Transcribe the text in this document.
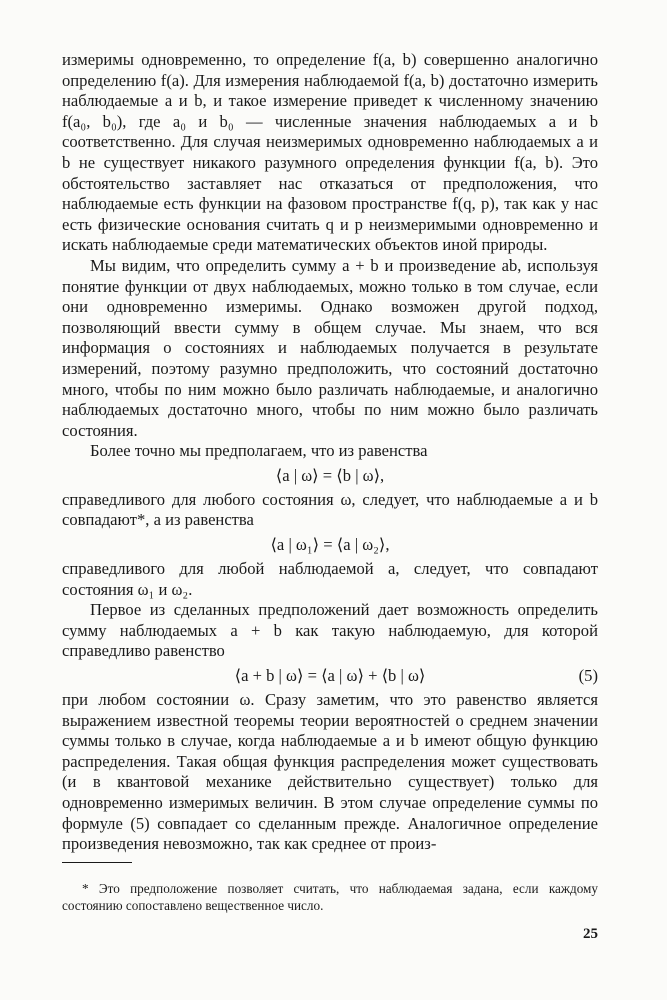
измеримы одновременно, то определение f(a, b) совершенно аналогично определению f(a). Для измерения наблюдаемой f(a, b) достаточно измерить наблюдаемые a и b, и такое измерение приведет к численному значению f(a₀, b₀), где a₀ и b₀ — численные значения наблюдаемых a и b соответственно. Для случая неизмеримых одновременно наблюдаемых a и b не существует никакого разумного определения функции f(a, b). Это обстоятельство заставляет нас отказаться от предположения, что наблюдаемые есть функции на фазовом пространстве f(q, p), так как у нас есть физические основания считать q и p неизмеримыми одновременно и искать наблюдаемые среди математических объектов иной природы.

Мы видим, что определить сумму a + b и произведение ab, используя понятие функции от двух наблюдаемых, можно только в том случае, если они одновременно измеримы. Однако возможен другой подход, позволяющий ввести сумму в общем случае. Мы знаем, что вся информация о состояниях и наблюдаемых получается в результате измерений, поэтому разумно предположить, что состояний достаточно много, чтобы по ним можно было различать наблюдаемые, и аналогично наблюдаемых достаточно много, чтобы по ним можно было различать состояния.

Более точно мы предполагаем, что из равенства

⟨a | ω⟩ = ⟨b | ω⟩,

справедливого для любого состояния ω, следует, что наблюдаемые a и b совпадают*, а из равенства

⟨a | ω₁⟩ = ⟨a | ω₂⟩,

справедливого для любой наблюдаемой a, следует, что совпадают состояния ω₁ и ω₂.

Первое из сделанных предположений дает возможность определить сумму наблюдаемых a + b как такую наблюдаемую, для которой справедливо равенство

⟨a + b | ω⟩ = ⟨a | ω⟩ + ⟨b | ω⟩	(5)

при любом состоянии ω. Сразу заметим, что это равенство является выражением известной теоремы теории вероятностей о среднем значении суммы только в случае, когда наблюдаемые a и b имеют общую функцию распределения. Такая общая функция распределения может существовать (и в квантовой механике действительно существует) только для одновременно измеримых величин. В этом случае определение суммы по формуле (5) совпадает со сделанным прежде. Аналогичное определение произведения невозможно, так как среднее от произ-

* Это предположение позволяет считать, что наблюдаемая задана, если каждому состоянию сопоставлено вещественное число.

25
